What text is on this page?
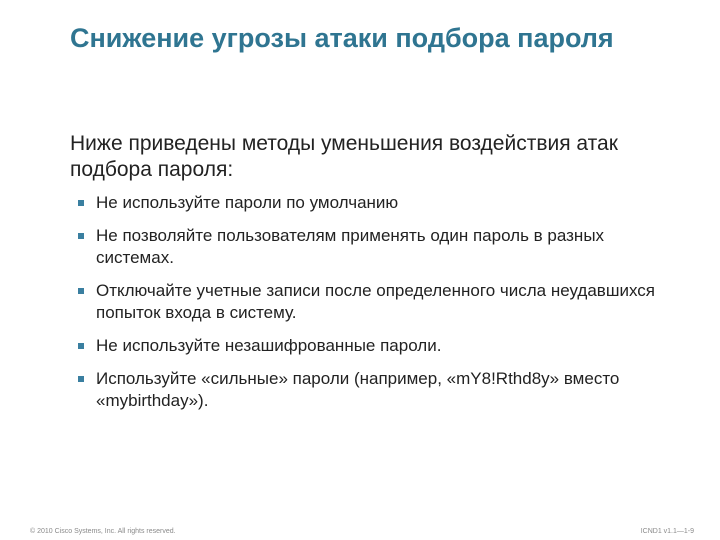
Снижение угрозы атаки подбора пароля
Ниже приведены методы уменьшения воздействия атак подбора пароля:
Не используйте пароли по умолчанию
Не позволяйте пользователям применять один пароль в разных системах.
Отключайте учетные записи после определенного числа неудавшихся попыток входа в систему.
Не используйте незашифрованные пароли.
Используйте «сильные» пароли (например, «mY8!Rthd8y» вместо «mybirthday»).
© 2010 Cisco Systems, Inc. All rights reserved.	ICND1 v1.1—1-9
